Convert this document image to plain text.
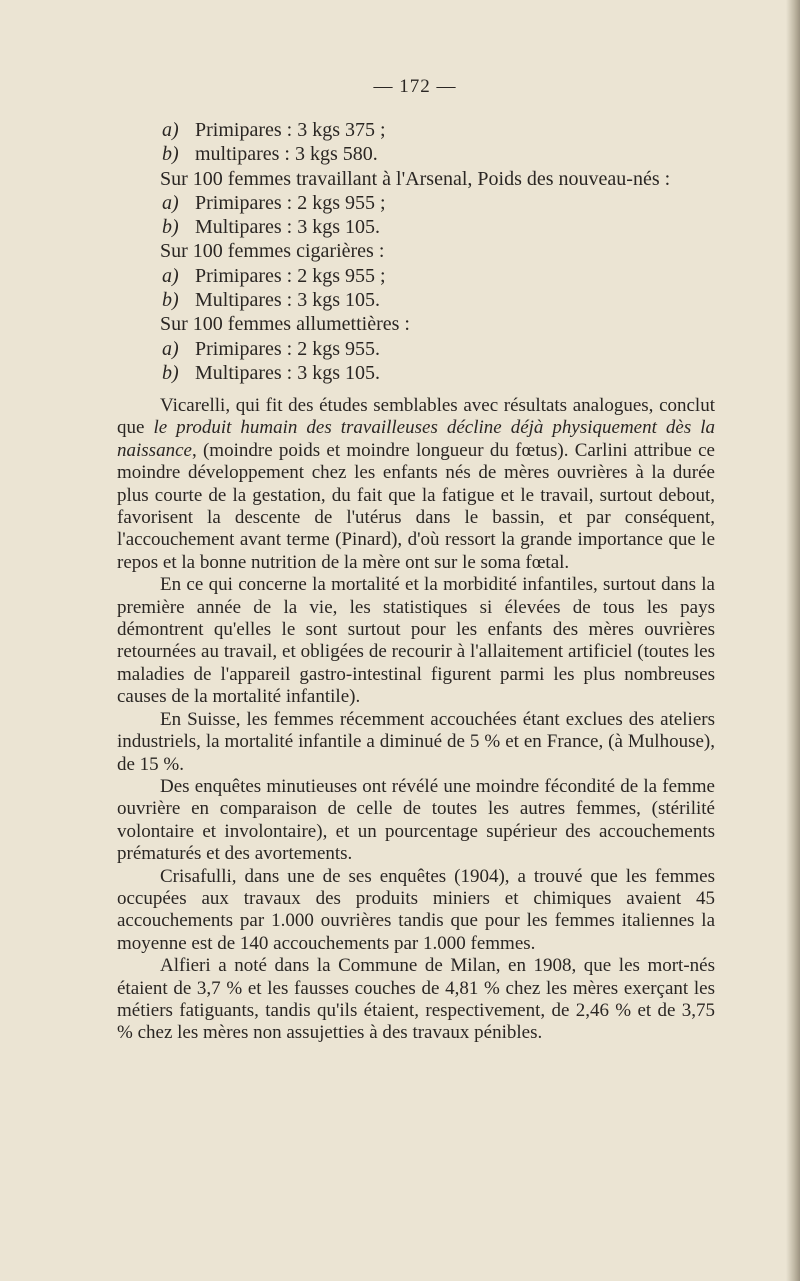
— 172 —
a) Primipares : 3 kgs 375 ;
b) multipares : 3 kgs 580.
Sur 100 femmes travaillant à l'Arsenal, Poids des nouveau-nés :
a) Primipares : 2 kgs 955 ;
b) Multipares : 3 kgs 105.
Sur 100 femmes cigarières :
a) Primipares : 2 kgs 955 ;
b) Multipares : 3 kgs 105.
Sur 100 femmes allumettières :
a) Primipares : 2 kgs 955.
b) Multipares : 3 kgs 105.

Vicarelli, qui fit des études semblables avec résultats analogues, conclut que le produit humain des travailleuses décline déjà physiquement dès la naissance, (moindre poids et moindre longueur du fœtus). Carlini attribue ce moindre développement chez les enfants nés de mères ouvrières à la durée plus courte de la gestation, du fait que la fatigue et le travail, surtout debout, favorisent la descente de l'utérus dans le bassin, et par conséquent, l'accouchement avant terme (Pinard), d'où ressort la grande importance que le repos et la bonne nutrition de la mère ont sur le soma fœtal.

En ce qui concerne la mortalité et la morbidité infantiles, surtout dans la première année de la vie, les statistiques si élevées de tous les pays démontrent qu'elles le sont surtout pour les enfants des mères ouvrières retournées au travail, et obligées de recourir à l'allaitement artificiel (toutes les maladies de l'appareil gastro-intestinal figurent parmi les plus nombreuses causes de la mortalité infantile).

En Suisse, les femmes récemment accouchées étant exclues des ateliers industriels, la mortalité infantile a diminué de 5 % et en France, (à Mulhouse), de 15 %.

Des enquêtes minutieuses ont révélé une moindre fécondité de la femme ouvrière en comparaison de celle de toutes les autres femmes, (stérilité volontaire et involontaire), et un pourcentage supérieur des accouchements prématurés et des avortements.

Crisafulli, dans une de ses enquêtes (1904), a trouvé que les femmes occupées aux travaux des produits miniers et chimiques avaient 45 accouchements par 1.000 ouvrières tandis que pour les femmes italiennes la moyenne est de 140 accouchements par 1.000 femmes.

Alfieri a noté dans la Commune de Milan, en 1908, que les mort-nés étaient de 3,7 % et les fausses couches de 4,81 % chez les mères exerçant les métiers fatiguants, tandis qu'ils étaient, respectivement, de 2,46 % et de 3,75 % chez les mères non assujetties à des travaux pénibles.
